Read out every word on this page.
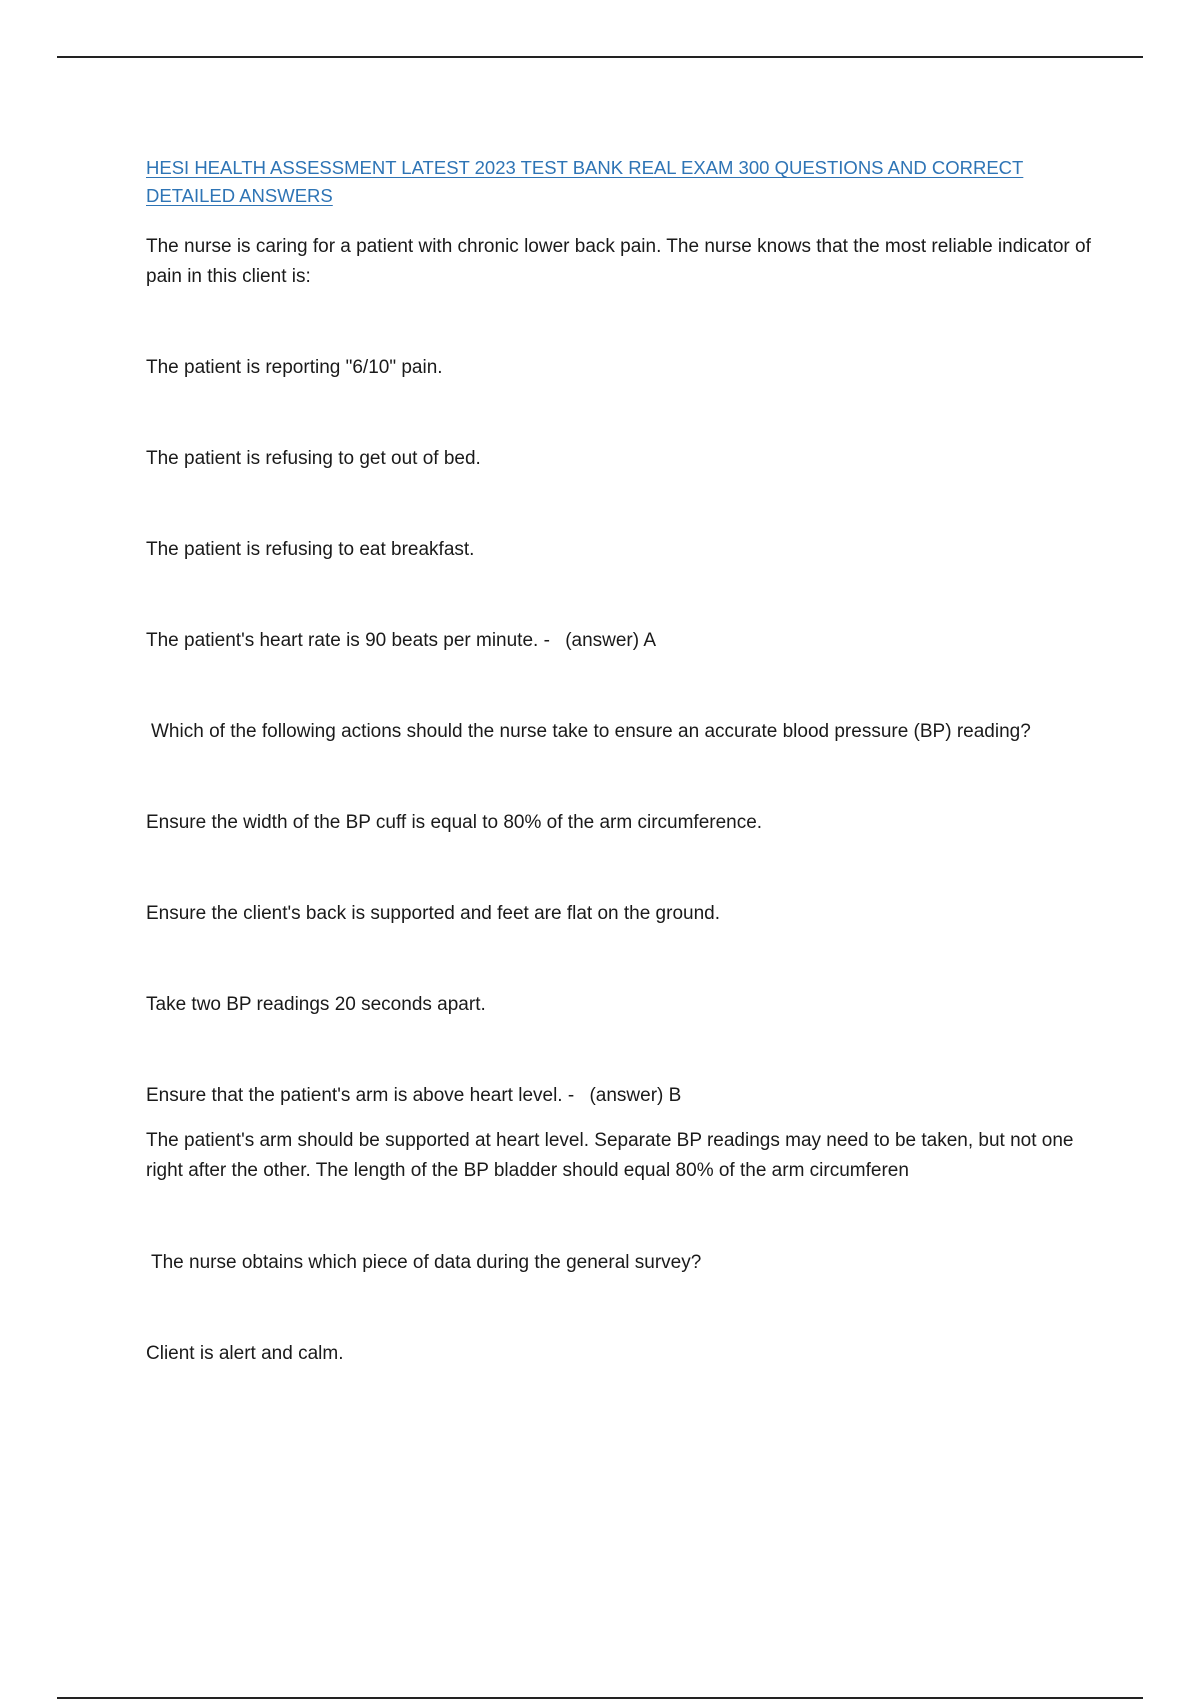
HESI HEALTH ASSESSMENT LATEST 2023 TEST BANK REAL EXAM 300 QUESTIONS AND CORRECT DETAILED ANSWERS

The nurse is caring for a patient with chronic lower back pain. The nurse knows that the most reliable indicator of pain in this client is:

The patient is reporting "6/10" pain.

The patient is refusing to get out of bed.

The patient is refusing to eat breakfast.

The patient's heart rate is 90 beats per minute. - (answer) A

Which of the following actions should the nurse take to ensure an accurate blood pressure (BP) reading?

Ensure the width of the BP cuff is equal to 80% of the arm circumference.

Ensure the client's back is supported and feet are flat on the ground.

Take two BP readings 20 seconds apart.

Ensure that the patient's arm is above heart level. - (answer) B

The patient's arm should be supported at heart level. Separate BP readings may need to be taken, but not one right after the other. The length of the BP bladder should equal 80% of the arm circumferen

The nurse obtains which piece of data during the general survey?

Client is alert and calm.
